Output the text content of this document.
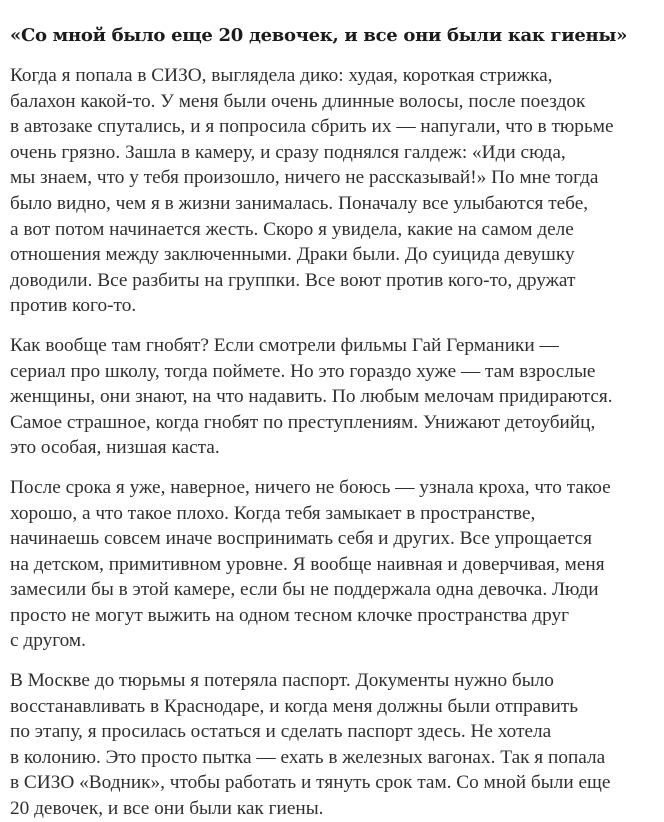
«Со мной было еще 20 девочек, и все они были как гиены»

Когда я попала в СИЗО, выглядела дико: худая, короткая стрижка,
балахон какой-то. У меня были очень длинные волосы, после поездок
в автозаке спутались, и я попросила сбрить их — напугали, что в тюрьме
очень грязно. Зашла в камеру, и сразу поднялся галдеж: «Иди сюда,
мы знаем, что у тебя произошло, ничего не рассказывай!» По мне тогда
было видно, чем я в жизни занималась. Поначалу все улыбаются тебе,
а вот потом начинается жесть. Скоро я увидела, какие на самом деле
отношения между заключенными. Драки были. До суицида девушку
доводили. Все разбиты на группки. Все воют против кого-то, дружат
против кого-то.

Как вообще там гнобят? Если смотрели фильмы Гай Германики —
сериал про школу, тогда поймете. Но это гораздо хуже — там взрослые
женщины, они знают, на что надавить. По любым мелочам придираются.
Самое страшное, когда гнобят по преступлениям. Унижают детоубийц,
это особая, низшая каста.

После срока я уже, наверное, ничего не боюсь — узнала кроха, что такое
хорошо, а что такое плохо. Когда тебя замыкает в пространстве,
начинаешь совсем иначе воспринимать себя и других. Все упрощается
на детском, примитивном уровне. Я вообще наивная и доверчивая, меня
замесили бы в этой камере, если бы не поддержала одна девочка. Люди
просто не могут выжить на одном тесном клочке пространства друг
с другом.

В Москве до тюрьмы я потеряла паспорт. Документы нужно было
восстанавливать в Краснодаре, и когда меня должны были отправить
по этапу, я просилась остаться и сделать паспорт здесь. Не хотела
в колонию. Это просто пытка — ехать в железных вагонах. Так я попала
в СИЗО «Водник», чтобы работать и тянуть срок там. Со мной были еще
20 девочек, и все они были как гиены.
